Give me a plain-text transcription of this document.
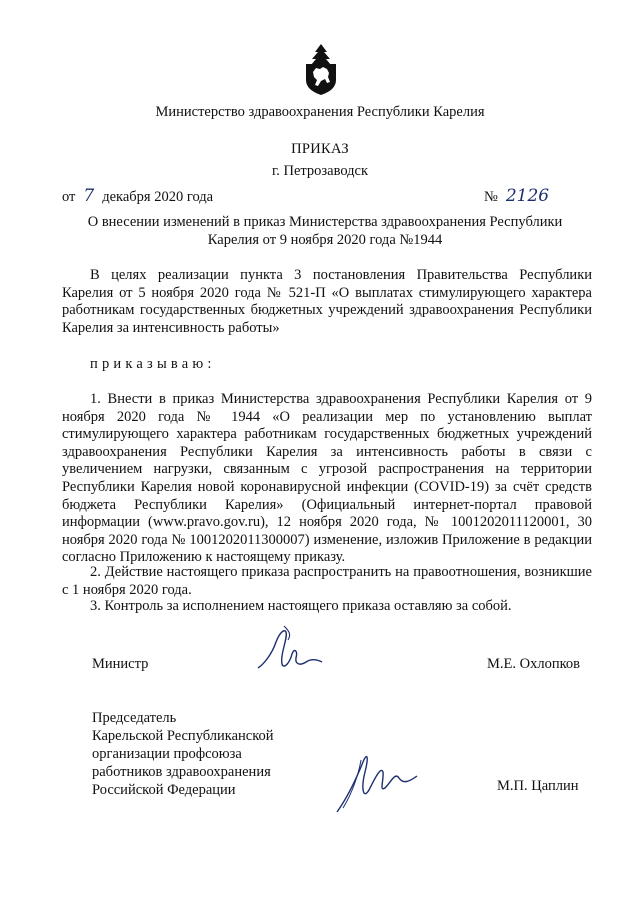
Министерство здравоохранения Республики Карелия
ПРИКАЗ
г. Петрозаводск
от 7 декабря 2020 года	№ 2126
О внесении изменений в приказ Министерства здравоохранения Республики Карелия от 9 ноября 2020 года №1944
В целях реализации пункта 3 постановления Правительства Республики Карелия от 5 ноября 2020 года № 521-П «О выплатах стимулирующего характера работникам государственных бюджетных учреждений здравоохранения Республики Карелия за интенсивность работы»
приказываю:
1. Внести в приказ Министерства здравоохранения Республики Карелия от 9 ноября 2020 года № 1944 «О реализации мер по установлению выплат стимулирующего характера работникам государственных бюджетных учреждений здравоохранения Республики Карелия за интенсивность работы в связи с увеличением нагрузки, связанным с угрозой распространения на территории Республики Карелия новой коронавирусной инфекции (COVID-19) за счёт средств бюджета Республики Карелия» (Официальный интернет-портал правовой информации (www.pravo.gov.ru), 12 ноября 2020 года, № 1001202011120001, 30 ноября 2020 года № 1001202011300007) изменение, изложив Приложение в редакции согласно Приложению к настоящему приказу.
2. Действие настоящего приказа распространить на правоотношения, возникшие с 1 ноября 2020 года.
3. Контроль за исполнением настоящего приказа оставляю за собой.
Министр	М.Е. Охлопков
Председатель
Карельской Республиканской
организации профсоюза
работников здравоохранения
Российской Федерации	М.П. Цаплин
